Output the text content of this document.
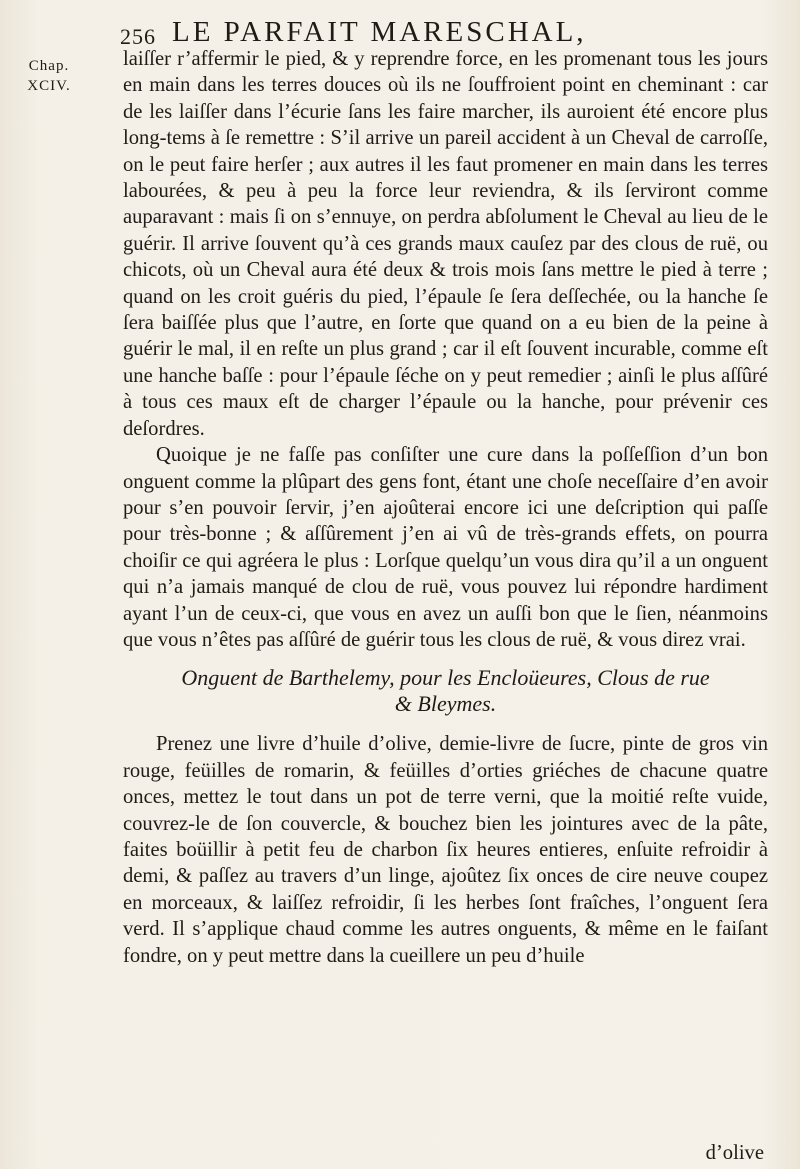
256 LE PARFAIT MARESCHAL,
Chap.
XCIV.

laiſſer r’affermir le pied, & y reprendre force, en les promenant tous les jours en main dans les terres douces où ils ne ſouffroient point en cheminant : car de les laiſſer dans l’écurie ſans les faire marcher, ils auroient été encore plus long-tems à ſe remettre : S’il arrive un pareil accident à un Cheval de carroſſe, on le peut faire herſer ; aux autres il les faut promener en main dans les terres labourées, & peu à peu la force leur reviendra, & ils ſerviront comme auparavant : mais ſi on s’ennuye, on perdra abſolument le Cheval au lieu de le guérir. Il arrive ſouvent qu’à ces grands maux cauſez par des clous de ruë, ou chicots, où un Cheval aura été deux & trois mois ſans mettre le pied à terre ; quand on les croit guéris du pied, l’épaule ſe ſera deſſechée, ou la hanche ſe ſera baiſſée plus que l’autre, en ſorte que quand on a eu bien de la peine à guérir le mal, il en reſte un plus grand ; car il eſt ſouvent incurable, comme eſt une hanche baſſe : pour l’épaule ſéche on y peut remedier ; ainſi le plus aſſûré à tous ces maux eſt de charger l’épaule ou la hanche, pour prévenir ces deſordres.

Quoique je ne faſſe pas conſiſter une cure dans la poſſeſſion d’un bon onguent comme la plûpart des gens font, étant une choſe neceſſaire d’en avoir pour s’en pouvoir ſervir, j’en ajoûterai encore ici une deſcription qui paſſe pour très-bonne ; & aſſûrement j’en ai vû de très-grands effets, on pourra choiſir ce qui agréera le plus : Lorſque quelqu’un vous dira qu’il a un onguent qui n’a jamais manqué de clou de ruë, vous pouvez lui répondre hardiment ayant l’un de ceux-ci, que vous en avez un auſſi bon que le ſien, néanmoins que vous n’êtes pas aſſûré de guérir tous les clous de ruë, & vous direz vrai.

Onguent de Barthelemy, pour les Encloüeures, Clous de rue
& Bleymes.

Prenez une livre d’huile d’olive, demie-livre de ſucre, pinte de gros vin rouge, feüilles de romarin, & feüilles d’orties griéches de chacune quatre onces, mettez le tout dans un pot de terre verni, que la moitié reſte vuide, couvrez-le de ſon couvercle, & bouchez bien les jointures avec de la pâte, faites boüillir à petit feu de charbon ſix heures entieres, enſuite refroidir à demi, & paſſez au travers d’un linge, ajoûtez ſix onces de cire neuve coupez en morceaux, & laiſſez refroidir, ſi les herbes ſont fraîches, l’onguent ſera verd. Il s’applique chaud comme les autres onguents, & même en le faiſant fondre, on y peut mettre dans la cueillere un peu d’huile

d’olive
